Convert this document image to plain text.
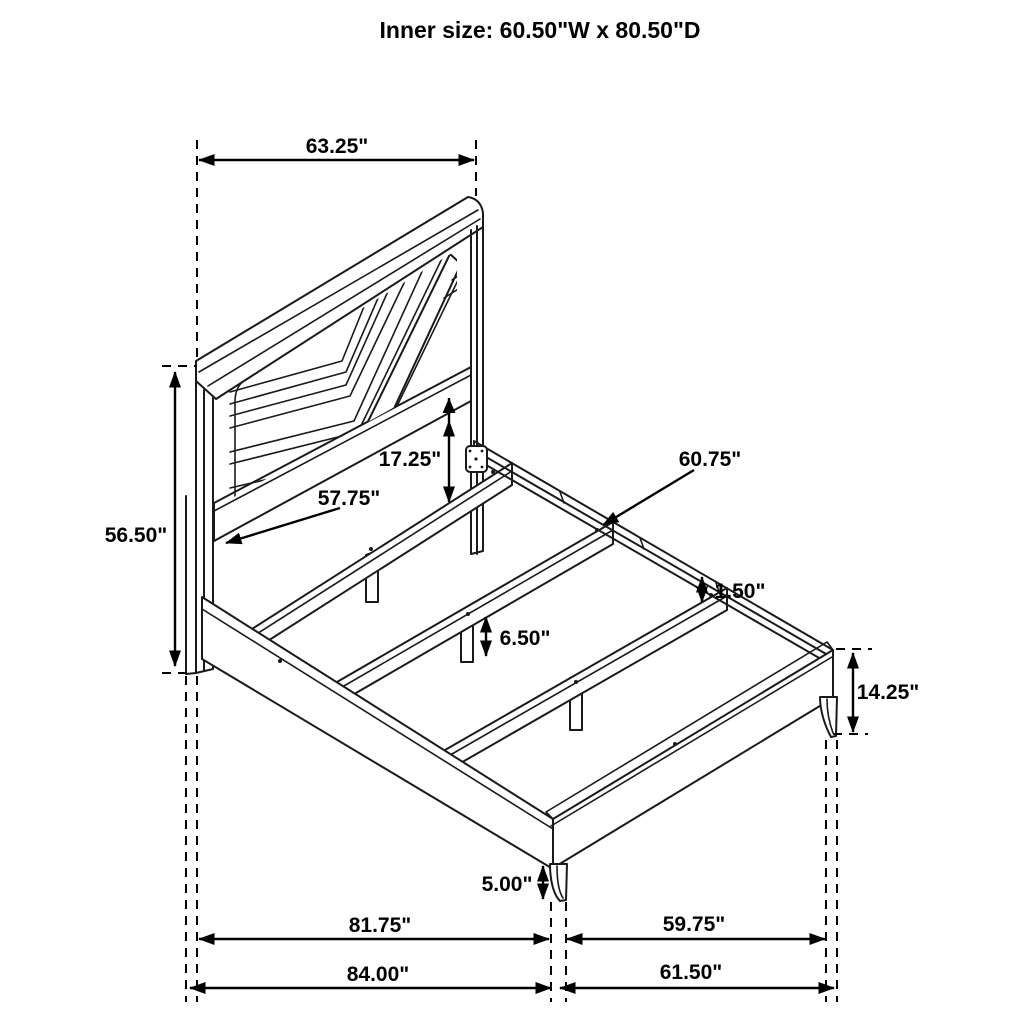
Inner size: 60.50"W x 80.50"D
63.25"
56.50"
17.25"
57.75"
60.75"
1.50"
6.50"
14.25"
5.00"
81.75"	59.75"
84.00"	61.50"
